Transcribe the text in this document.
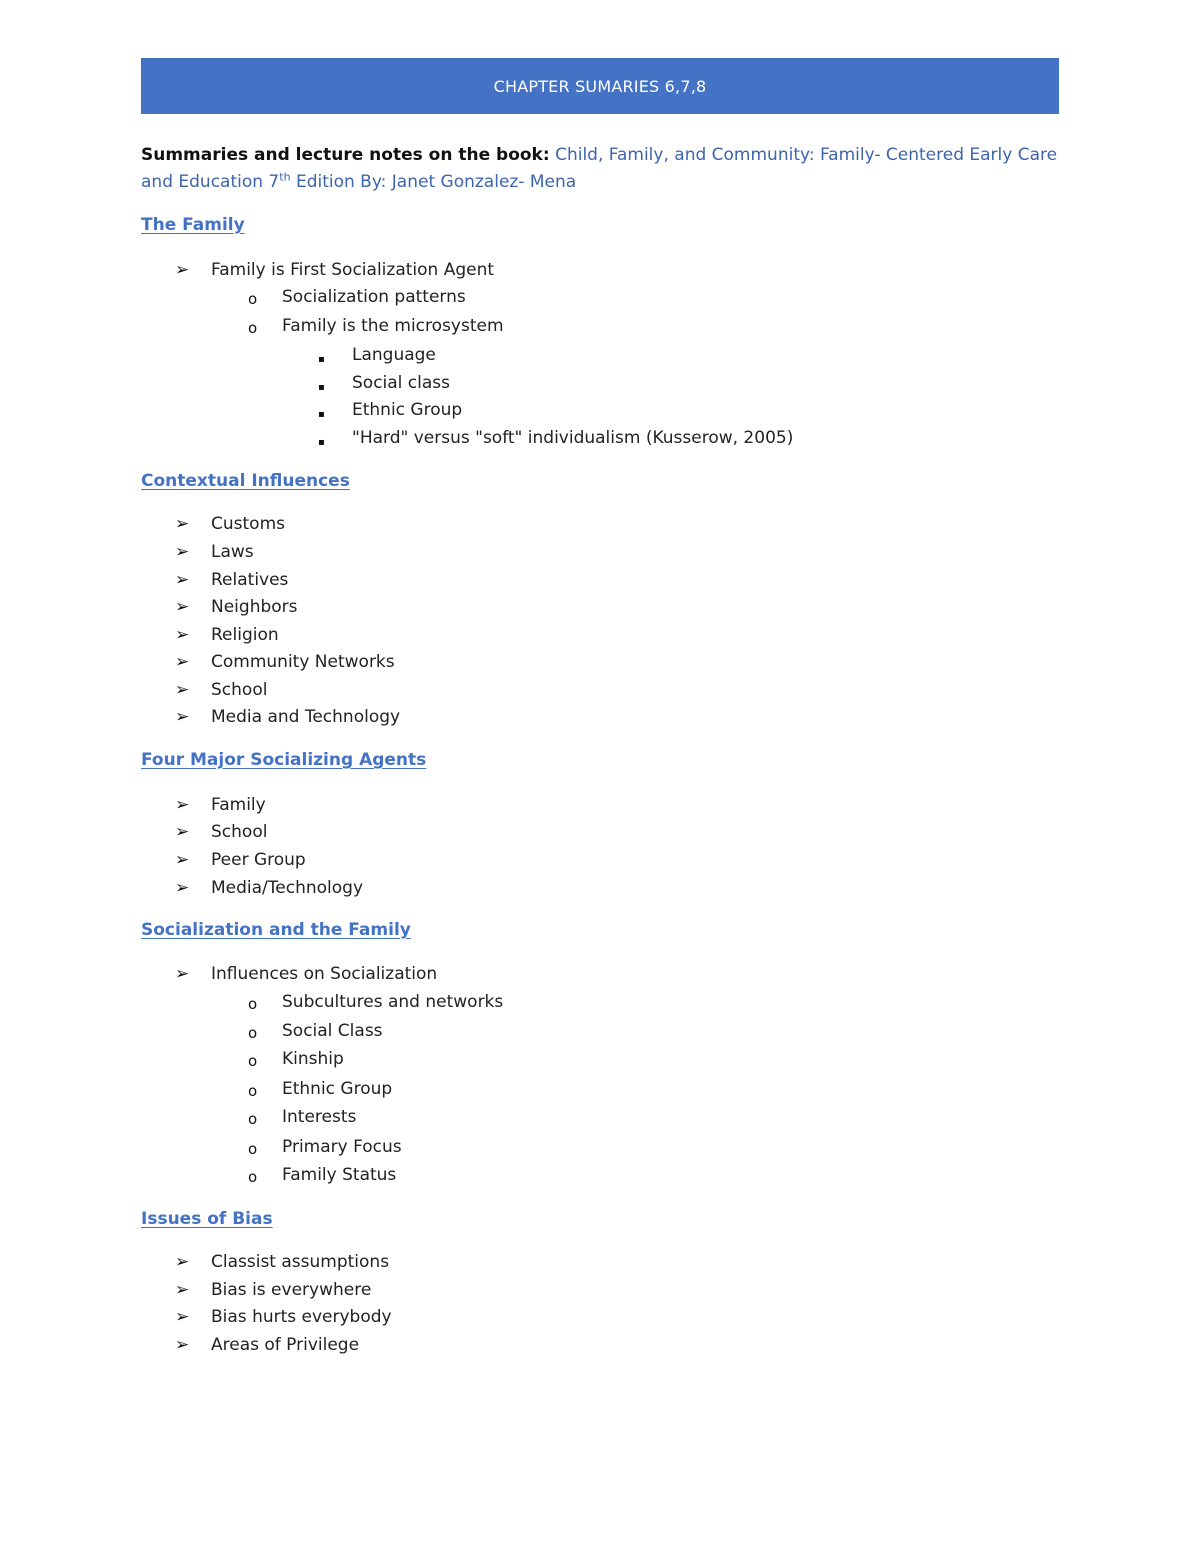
CHAPTER SUMARIES 6,7,8
Summaries and lecture notes on the book: Child, Family, and Community: Family- Centered Early Care and Education 7th Edition By: Janet Gonzalez- Mena
The Family
➢ Family is First Socialization Agent
o Socialization patterns
o Family is the microsystem
▪ Language
▪ Social class
▪ Ethnic Group
▪ "Hard" versus "soft" individualism (Kusserow, 2005)
Contextual Influences
➢ Customs
➢ Laws
➢ Relatives
➢ Neighbors
➢ Religion
➢ Community Networks
➢ School
➢ Media and Technology
Four Major Socializing Agents
➢ Family
➢ School
➢ Peer Group
➢ Media/Technology
Socialization and the Family
➢ Influences on Socialization
o Subcultures and networks
o Social Class
o Kinship
o Ethnic Group
o Interests
o Primary Focus
o Family Status
Issues of Bias
➢ Classist assumptions
➢ Bias is everywhere
➢ Bias hurts everybody
➢ Areas of Privilege
